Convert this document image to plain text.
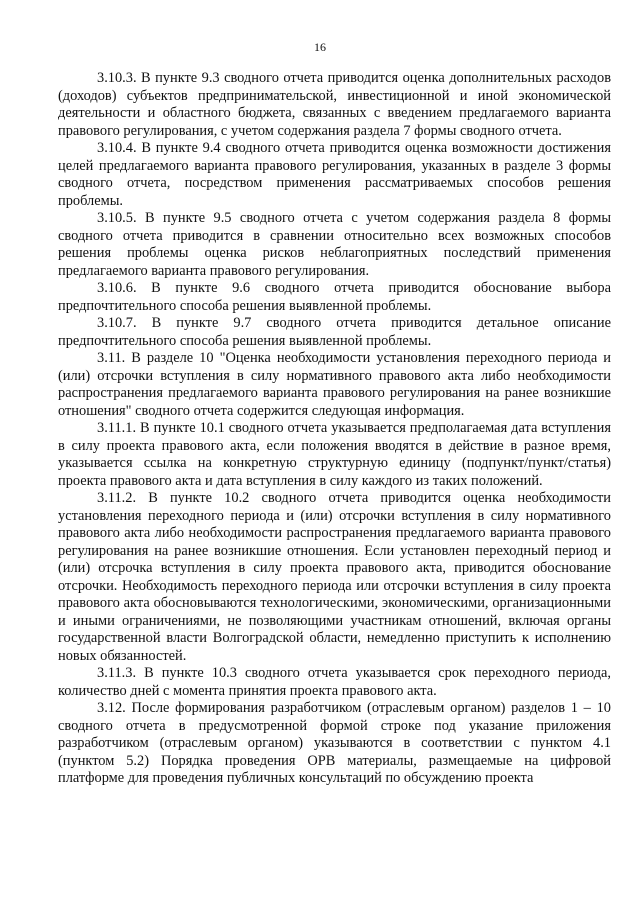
16

3.10.3. В пункте 9.3 сводного отчета приводится оценка дополнительных расходов (доходов) субъектов предпринимательской, инвестиционной и иной экономической деятельности и областного бюджета, связанных с введением предлагаемого варианта правового регулирования, с учетом содержания раздела 7 формы сводного отчета.

3.10.4. В пункте 9.4 сводного отчета приводится оценка возможности достижения целей предлагаемого варианта правового регулирования, указанных в разделе 3 формы сводного отчета, посредством применения рассматриваемых способов решения проблемы.

3.10.5. В пункте 9.5 сводного отчета с учетом содержания раздела 8 формы сводного отчета приводится в сравнении относительно всех возможных способов решения проблемы оценка рисков неблагоприятных последствий применения предлагаемого варианта правового регулирования.

3.10.6. В пункте 9.6 сводного отчета приводится обоснование выбора предпочтительного способа решения выявленной проблемы.

3.10.7. В пункте 9.7 сводного отчета приводится детальное описание предпочтительного способа решения выявленной проблемы.

3.11. В разделе 10 "Оценка необходимости установления переходного периода и (или) отсрочки вступления в силу нормативного правового акта либо необходимости распространения предлагаемого варианта правового регулирования на ранее возникшие отношения" сводного отчета содержится следующая информация.

3.11.1. В пункте 10.1 сводного отчета указывается предполагаемая дата вступления в силу проекта правового акта, если положения вводятся в действие в разное время, указывается ссылка на конкретную структурную единицу (подпункт/пункт/статья) проекта правового акта и дата вступления в силу каждого из таких положений.

3.11.2. В пункте 10.2 сводного отчета приводится оценка необходимости установления переходного периода и (или) отсрочки вступления в силу нормативного правового акта либо необходимости распространения предлагаемого варианта правового регулирования на ранее возникшие отношения. Если установлен переходный период и (или) отсрочка вступления в силу проекта правового акта, приводится обоснование отсрочки. Необходимость переходного периода или отсрочки вступления в силу проекта правового акта обосновываются технологическими, экономическими, организационными и иными ограничениями, не позволяющими участникам отношений, включая органы государственной власти Волгоградской области, немедленно приступить к исполнению новых обязанностей.

3.11.3. В пункте 10.3 сводного отчета указывается срок переходного периода, количество дней с момента принятия проекта правового акта.

3.12. После формирования разработчиком (отраслевым органом) разделов 1 – 10 сводного отчета в предусмотренной формой строке под указание приложения разработчиком (отраслевым органом) указываются в соответствии с пунктом 4.1 (пунктом 5.2) Порядка проведения ОРВ материалы, размещаемые на цифровой платформе для проведения публичных консультаций по обсуждению проекта
